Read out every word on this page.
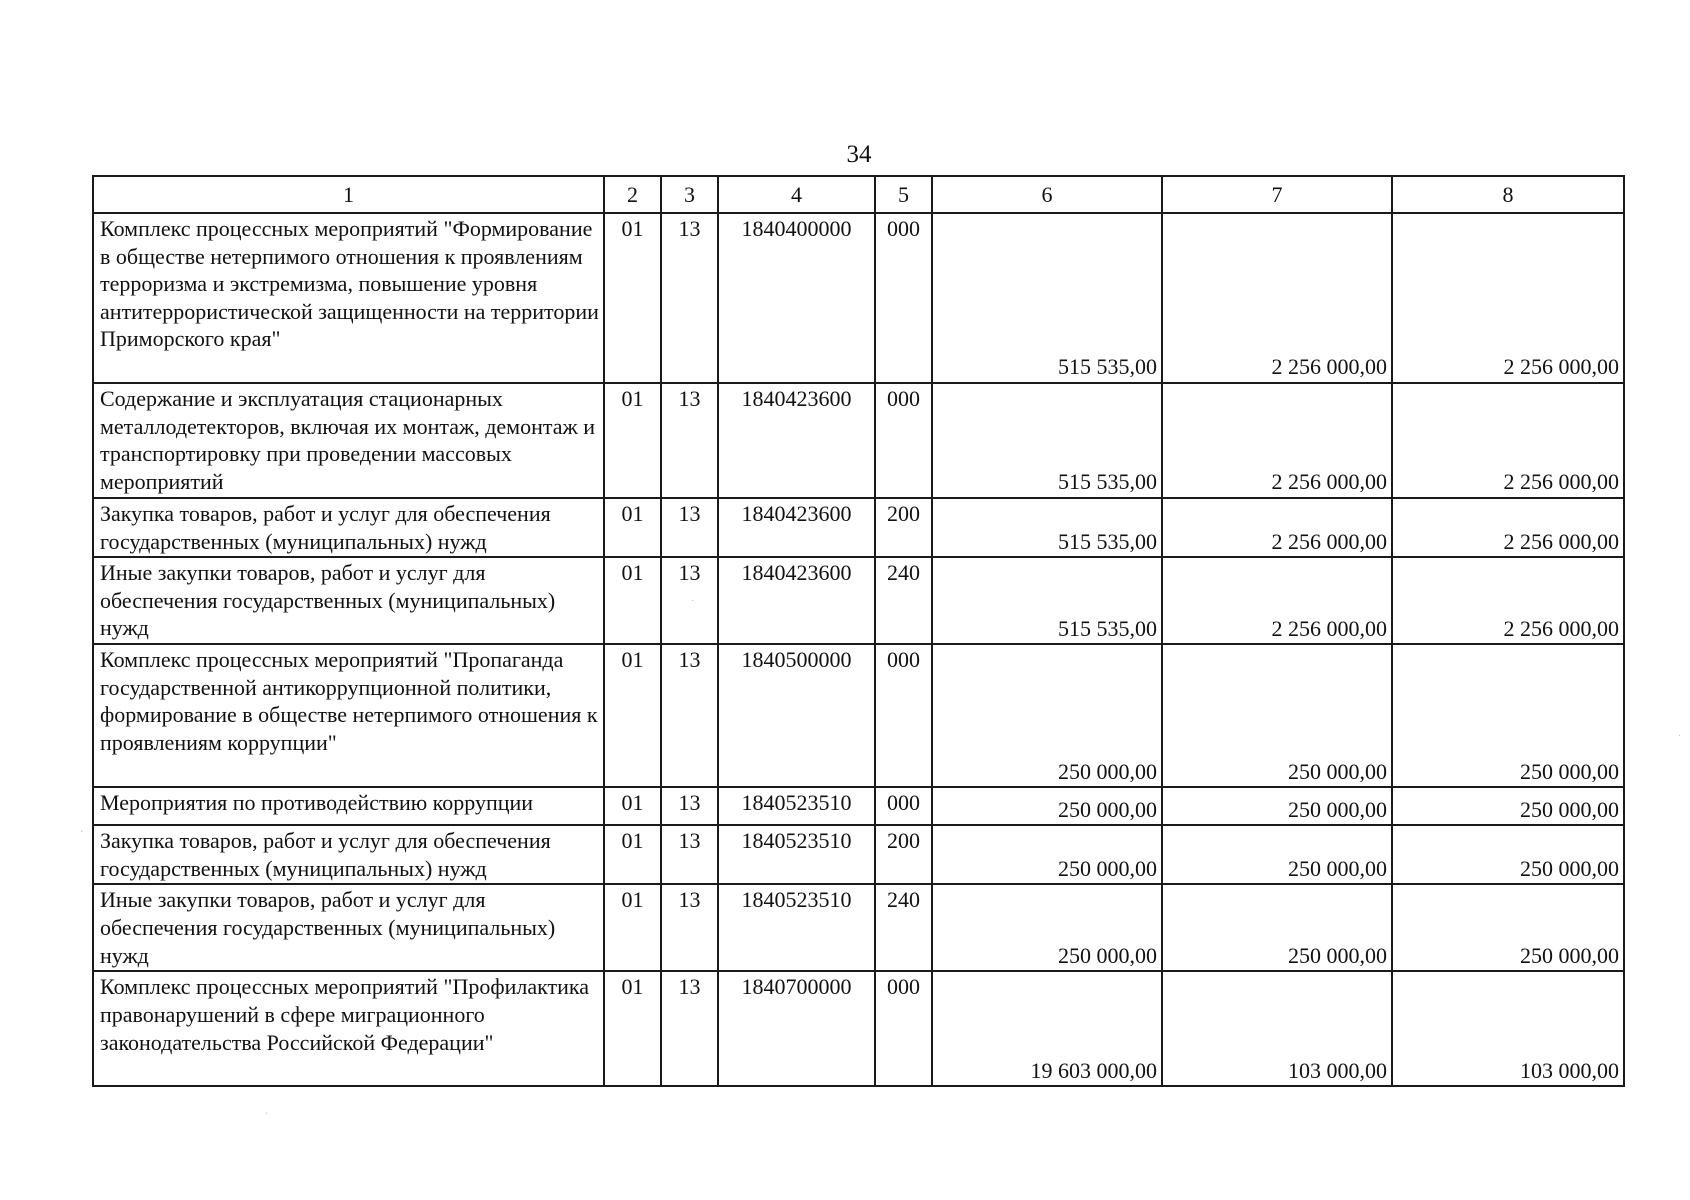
34
1	2	3	4	5	6	7	8
Комплекс процессных мероприятий "Формирование в обществе нетерпимого отношения к проявлениям терроризма и экстремизма, повышение уровня антитеррористической защищенности на территории Приморского края"	01	13	1840400000	000	515 535,00	2 256 000,00	2 256 000,00
Содержание и эксплуатация стационарных металлодетекторов, включая их монтаж, демонтаж и транспортировку при проведении массовых мероприятий	01	13	1840423600	000	515 535,00	2 256 000,00	2 256 000,00
Закупка товаров, работ и услуг для обеспечения государственных (муниципальных) нужд	01	13	1840423600	200	515 535,00	2 256 000,00	2 256 000,00
Иные закупки товаров, работ и услуг для обеспечения государственных (муниципальных) нужд	01	13	1840423600	240	515 535,00	2 256 000,00	2 256 000,00
Комплекс процессных мероприятий "Пропаганда государственной антикоррупционной политики, формирование в обществе нетерпимого отношения к проявлениям коррупции"	01	13	1840500000	000	250 000,00	250 000,00	250 000,00
Мероприятия по противодействию коррупции	01	13	1840523510	000	250 000,00	250 000,00	250 000,00
Закупка товаров, работ и услуг для обеспечения государственных (муниципальных) нужд	01	13	1840523510	200	250 000,00	250 000,00	250 000,00
Иные закупки товаров, работ и услуг для обеспечения государственных (муниципальных) нужд	01	13	1840523510	240	250 000,00	250 000,00	250 000,00
Комплекс процессных мероприятий "Профилактика правонарушений в сфере миграционного законодательства Российской Федерации"	01	13	1840700000	000	19 603 000,00	103 000,00	103 000,00
·
·
·
·
